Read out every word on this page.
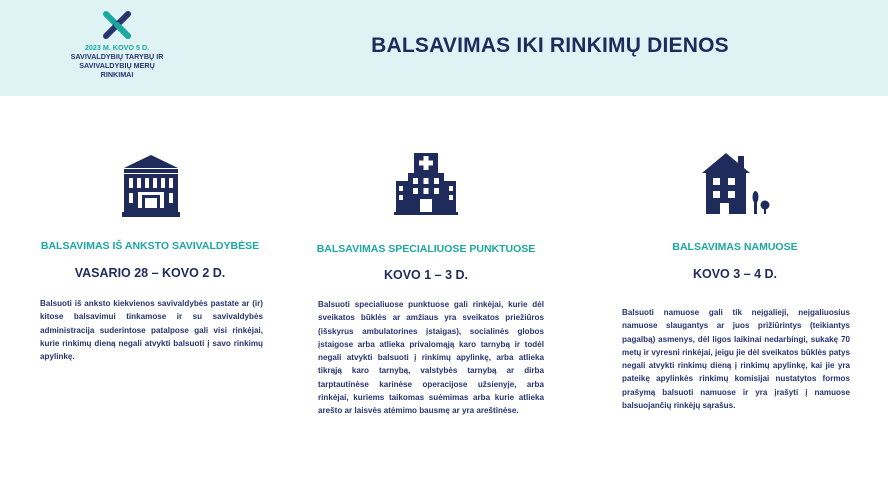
2023 M. KOVO 5 D.
SAVIVALDYBIŲ TARYBŲ IR
SAVIVALDYBIŲ MERŲ
RINKIMAI
BALSAVIMAS IKI RINKIMŲ DIENOS
BALSAVIMAS IŠ ANKSTO SAVIVALDYBĖSE
VASARIO 28 – KOVO 2 D.
Balsuoti iš anksto kiekvienos savivaldybės pastate ar (ir) kitose balsavimui tinkamose ir su savivaldybės administracija suderintose patalpose gali visi rinkėjai, kurie rinkimų dieną negali atvykti balsuoti į savo rinkimų apylinkę.
BALSAVIMAS SPECIALIUOSE PUNKTUOSE
KOVO 1 – 3 D.
Balsuoti specialiuose punktuose gali rinkėjai, kurie dėl sveikatos būklės ar amžiaus yra sveikatos priežiūros (išskyrus ambulatorines įstaigas), socialinės globos įstaigose arba atlieka privalomąją karo tarnybą ir todėl negali atvykti balsuoti į rinkimų apylinkę, arba atlieka tikrąją karo tarnybą, valstybės tarnybą ar dirba tarptautinėse karinėse operacijose užsienyje, arba rinkėjai, kuriems taikomas suėmimas arba kurie atlieka arešto ar laisvės atėmimo bausmę ar yra areštinėse.
BALSAVIMAS NAMUOSE
KOVO 3 – 4 D.
Balsuoti namuose gali tik neįgalieji, neįgaliuosius namuose slaugantys ar juos prižiūrintys (teikiantys pagalbą) asmenys, dėl ligos laikinai nedarbingi, sukakę 70 metų ir vyresni rinkėjai, jeigu jie dėl sveikatos būklės patys negali atvykti rinkimų dieną į rinkimų apylinkę, kai jie yra pateikę apylinkės rinkimų komisijai nustatytos formos prašymą balsuoti namuose ir yra įrašyti į namuose balsuojančių rinkėjų sąrašus.
